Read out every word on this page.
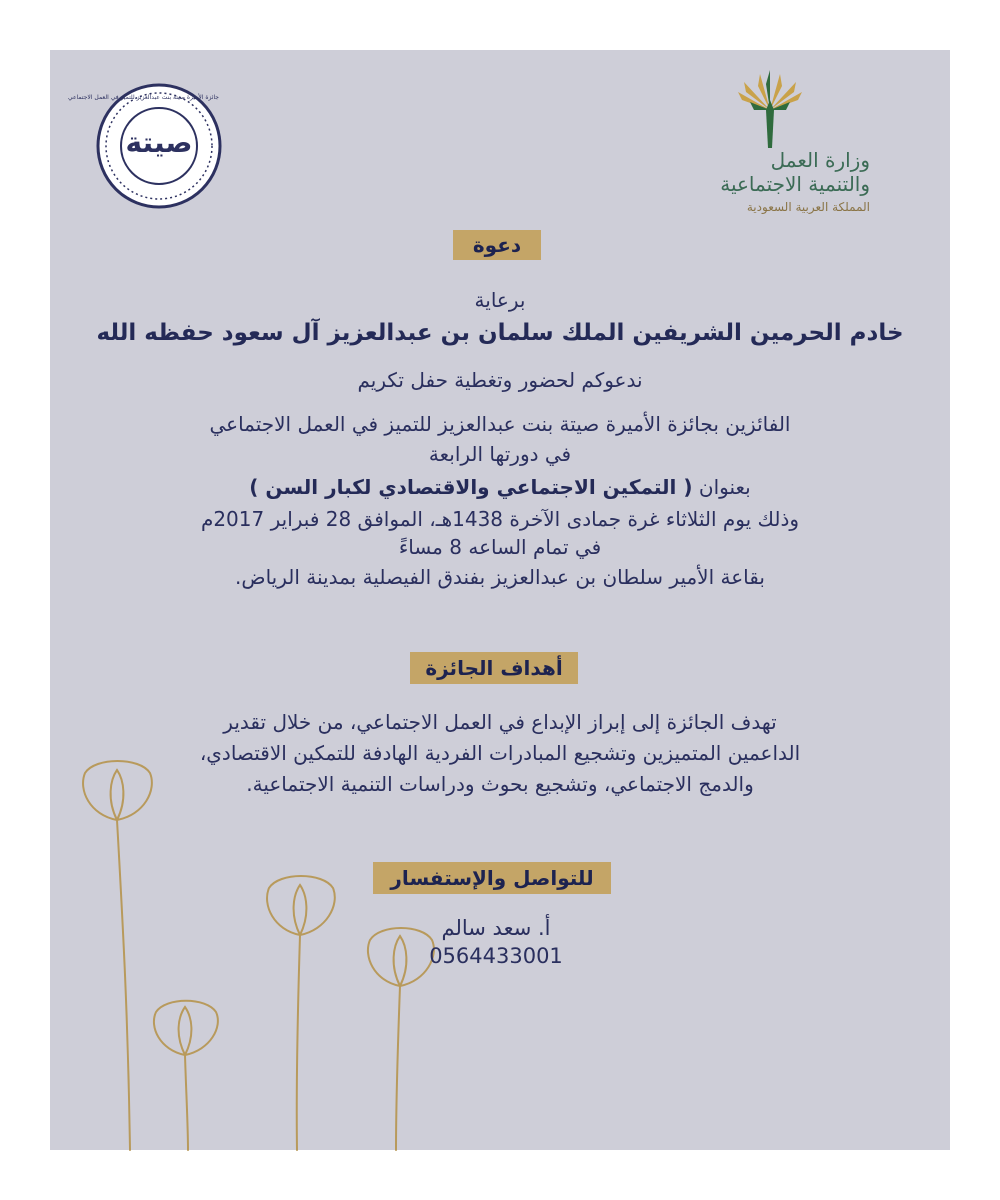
وزارة العمل
والتنمية الاجتماعية
المملكة العربية السعودية
صيتة
جائزة الأميرة صيتة بنت عبدالعزيز للتميز في العمل الاجتماعي
دعوة
برعاية
خادم الحرمين الشريفين الملك سلمان بن عبدالعزيز آل سعود حفظه الله
ندعوكم لحضور وتغطية حفل تكريم
الفائزين بجائزة الأميرة صيتة بنت عبدالعزيز للتميز في العمل الاجتماعي
في دورتها الرابعة
بعنوان ( التمكين الاجتماعي والاقتصادي لكبار السن )
وذلك يوم الثلاثاء غرة جمادى الآخرة 1438هـ، الموافق 28 فبراير 2017م
في تمام الساعه 8 مساءً
بقاعة الأمير سلطان بن عبدالعزيز بفندق الفيصلية بمدينة الرياض.
أهداف الجائزة
تهدف الجائزة إلى إبراز الإبداع في العمل الاجتماعي، من خلال تقدير
الداعمين المتميزين وتشجيع المبادرات الفردية الهادفة للتمكين الاقتصادي،
والدمج الاجتماعي، وتشجيع بحوث ودراسات التنمية الاجتماعية.
للتواصل والإستفسار
أ. سعد سالم
0564433001
